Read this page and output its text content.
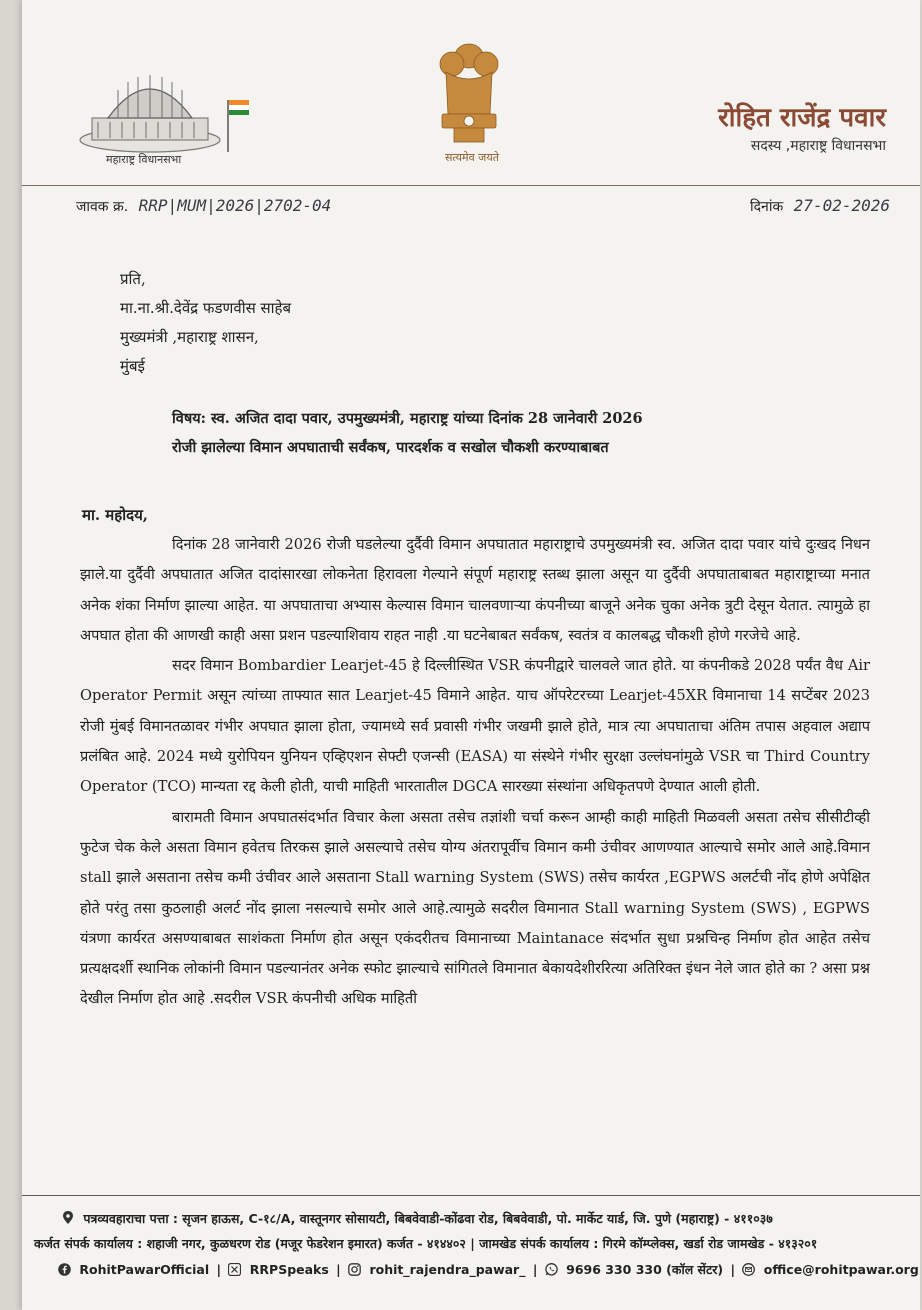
महाराष्ट्र विधानसभा	सत्यमेव जयते
रोहित राजेंद्र पवार
सदस्य ,महाराष्ट्र विधानसभा
जावक क्र. RRP|MUM|2026|2702-04	दिनांक 27-02-2026
प्रति,
मा.ना.श्री.देवेंद्र फडणवीस साहेब
मुख्यमंत्री ,महाराष्ट्र शासन,
मुंबई
विषय: स्व. अजित दादा पवार, उपमुख्यमंत्री, महाराष्ट्र यांच्या दिनांक 28 जानेवारी 2026
रोजी झालेल्या विमान अपघाताची सर्वंकष, पारदर्शक व सखोल चौकशी करण्याबाबत
मा. महोदय,

दिनांक 28 जानेवारी 2026 रोजी घडलेल्या दुर्दैवी विमान अपघातात महाराष्ट्राचे उपमुख्यमंत्री स्व. अजित दादा पवार यांचे दुःखद निधन झाले.या दुर्दैवी अपघातात अजित दादांसारखा लोकनेता हिरावला गेल्याने संपूर्ण महाराष्ट्र स्तब्ध झाला असून या दुर्दैवी अपघाताबाबत महाराष्ट्राच्या मनात अनेक शंका निर्माण झाल्या आहेत. या अपघाताचा अभ्यास केल्यास विमान चालवणाऱ्या कंपनीच्या बाजूने अनेक चुका अनेक त्रुटी देसून येतात. त्यामुळे हा अपघात होता की आणखी काही असा प्रशन पडल्याशिवाय राहत नाही .या घटनेबाबत सर्वंकष, स्वतंत्र व कालबद्ध चौकशी होणे गरजेचे आहे.

सदर विमान Bombardier Learjet-45 हे दिल्लीस्थित VSR कंपनीद्वारे चालवले जात होते. या कंपनीकडे 2028 पर्यंत वैध Air Operator Permit असून त्यांच्या ताफ्यात सात Learjet-45 विमाने आहेत. याच ऑपरेटरच्या Learjet-45XR विमानाचा 14 सप्टेंबर 2023 रोजी मुंबई विमानतळावर गंभीर अपघात झाला होता, ज्यामध्ये सर्व प्रवासी गंभीर जखमी झाले होते, मात्र त्या अपघाताचा अंतिम तपास अहवाल अद्याप प्रलंबित आहे. 2024 मध्ये युरोपियन युनियन एव्हिएशन सेफ्टी एजन्सी (EASA) या संस्थेने गंभीर सुरक्षा उल्लंघनांमुळे VSR चा Third Country Operator (TCO) मान्यता रद्द केली होती, याची माहिती भारतातील DGCA सारख्या संस्थांना अधिकृतपणे देण्यात आली होती.

बारामती विमान अपघातसंदर्भात विचार केला असता तसेच तज्ञांशी चर्चा करून आम्ही काही माहिती मिळवली असता तसेच सीसीटीव्ही फुटेज चेक केले असता विमान हवेतच तिरकस झाले असल्याचे तसेच योग्य अंतरापूर्वीच विमान कमी उंचीवर आणण्यात आल्याचे समोर आले आहे.विमान stall झाले असताना तसेच कमी उंचीवर आले असताना Stall warning System (SWS) तसेच कार्यरत ,EGPWS अलर्टची नोंद होणे अपेक्षित होते परंतु तसा कुठलाही अलर्ट नोंद झाला नसल्याचे समोर आले आहे.त्यामुळे सदरील विमानात Stall warning System (SWS) , EGPWS यंत्रणा कार्यरत असण्याबाबत साशंकता निर्माण होत असून एकंदरीतच विमानाच्या Maintanace संदर्भात सुधा प्रश्नचिन्ह निर्माण होत आहेत तसेच प्रत्यक्षदर्शी स्थानिक लोकांनी विमान पडल्यानंतर अनेक स्फोट झाल्याचे सांगितले विमानात बेकायदेशीररित्या अतिरिक्त इंधन नेले जात होते का ? असा प्रश्न देखील निर्माण होत आहे .सदरील VSR कंपनीची अधिक माहिती

पत्रव्यवहाराचा पत्ता : सृजन हाऊस, C-१८/A, वास्तूनगर सोसायटी, बिबवेवाडी-कोंढवा रोड, बिबवेवाडी, पो. मार्केट यार्ड, जि. पुणे (महाराष्ट्र) - ४११०३७
कर्जत संपर्क कार्यालय : शहाजी नगर, कुळधरण रोड (मजूर फेडरेशन इमारत) कर्जत - ४१४४०२ | जामखेड संपर्क कार्यालय : गिरमे कॉम्प्लेक्स, खर्डा रोड जामखेड - ४१३२०१
RohitPawarOfficial | RRPSpeaks | rohit_rajendra_pawar_ | 9696 330 330 (कॉल सेंटर) | office@rohitpawar.org
